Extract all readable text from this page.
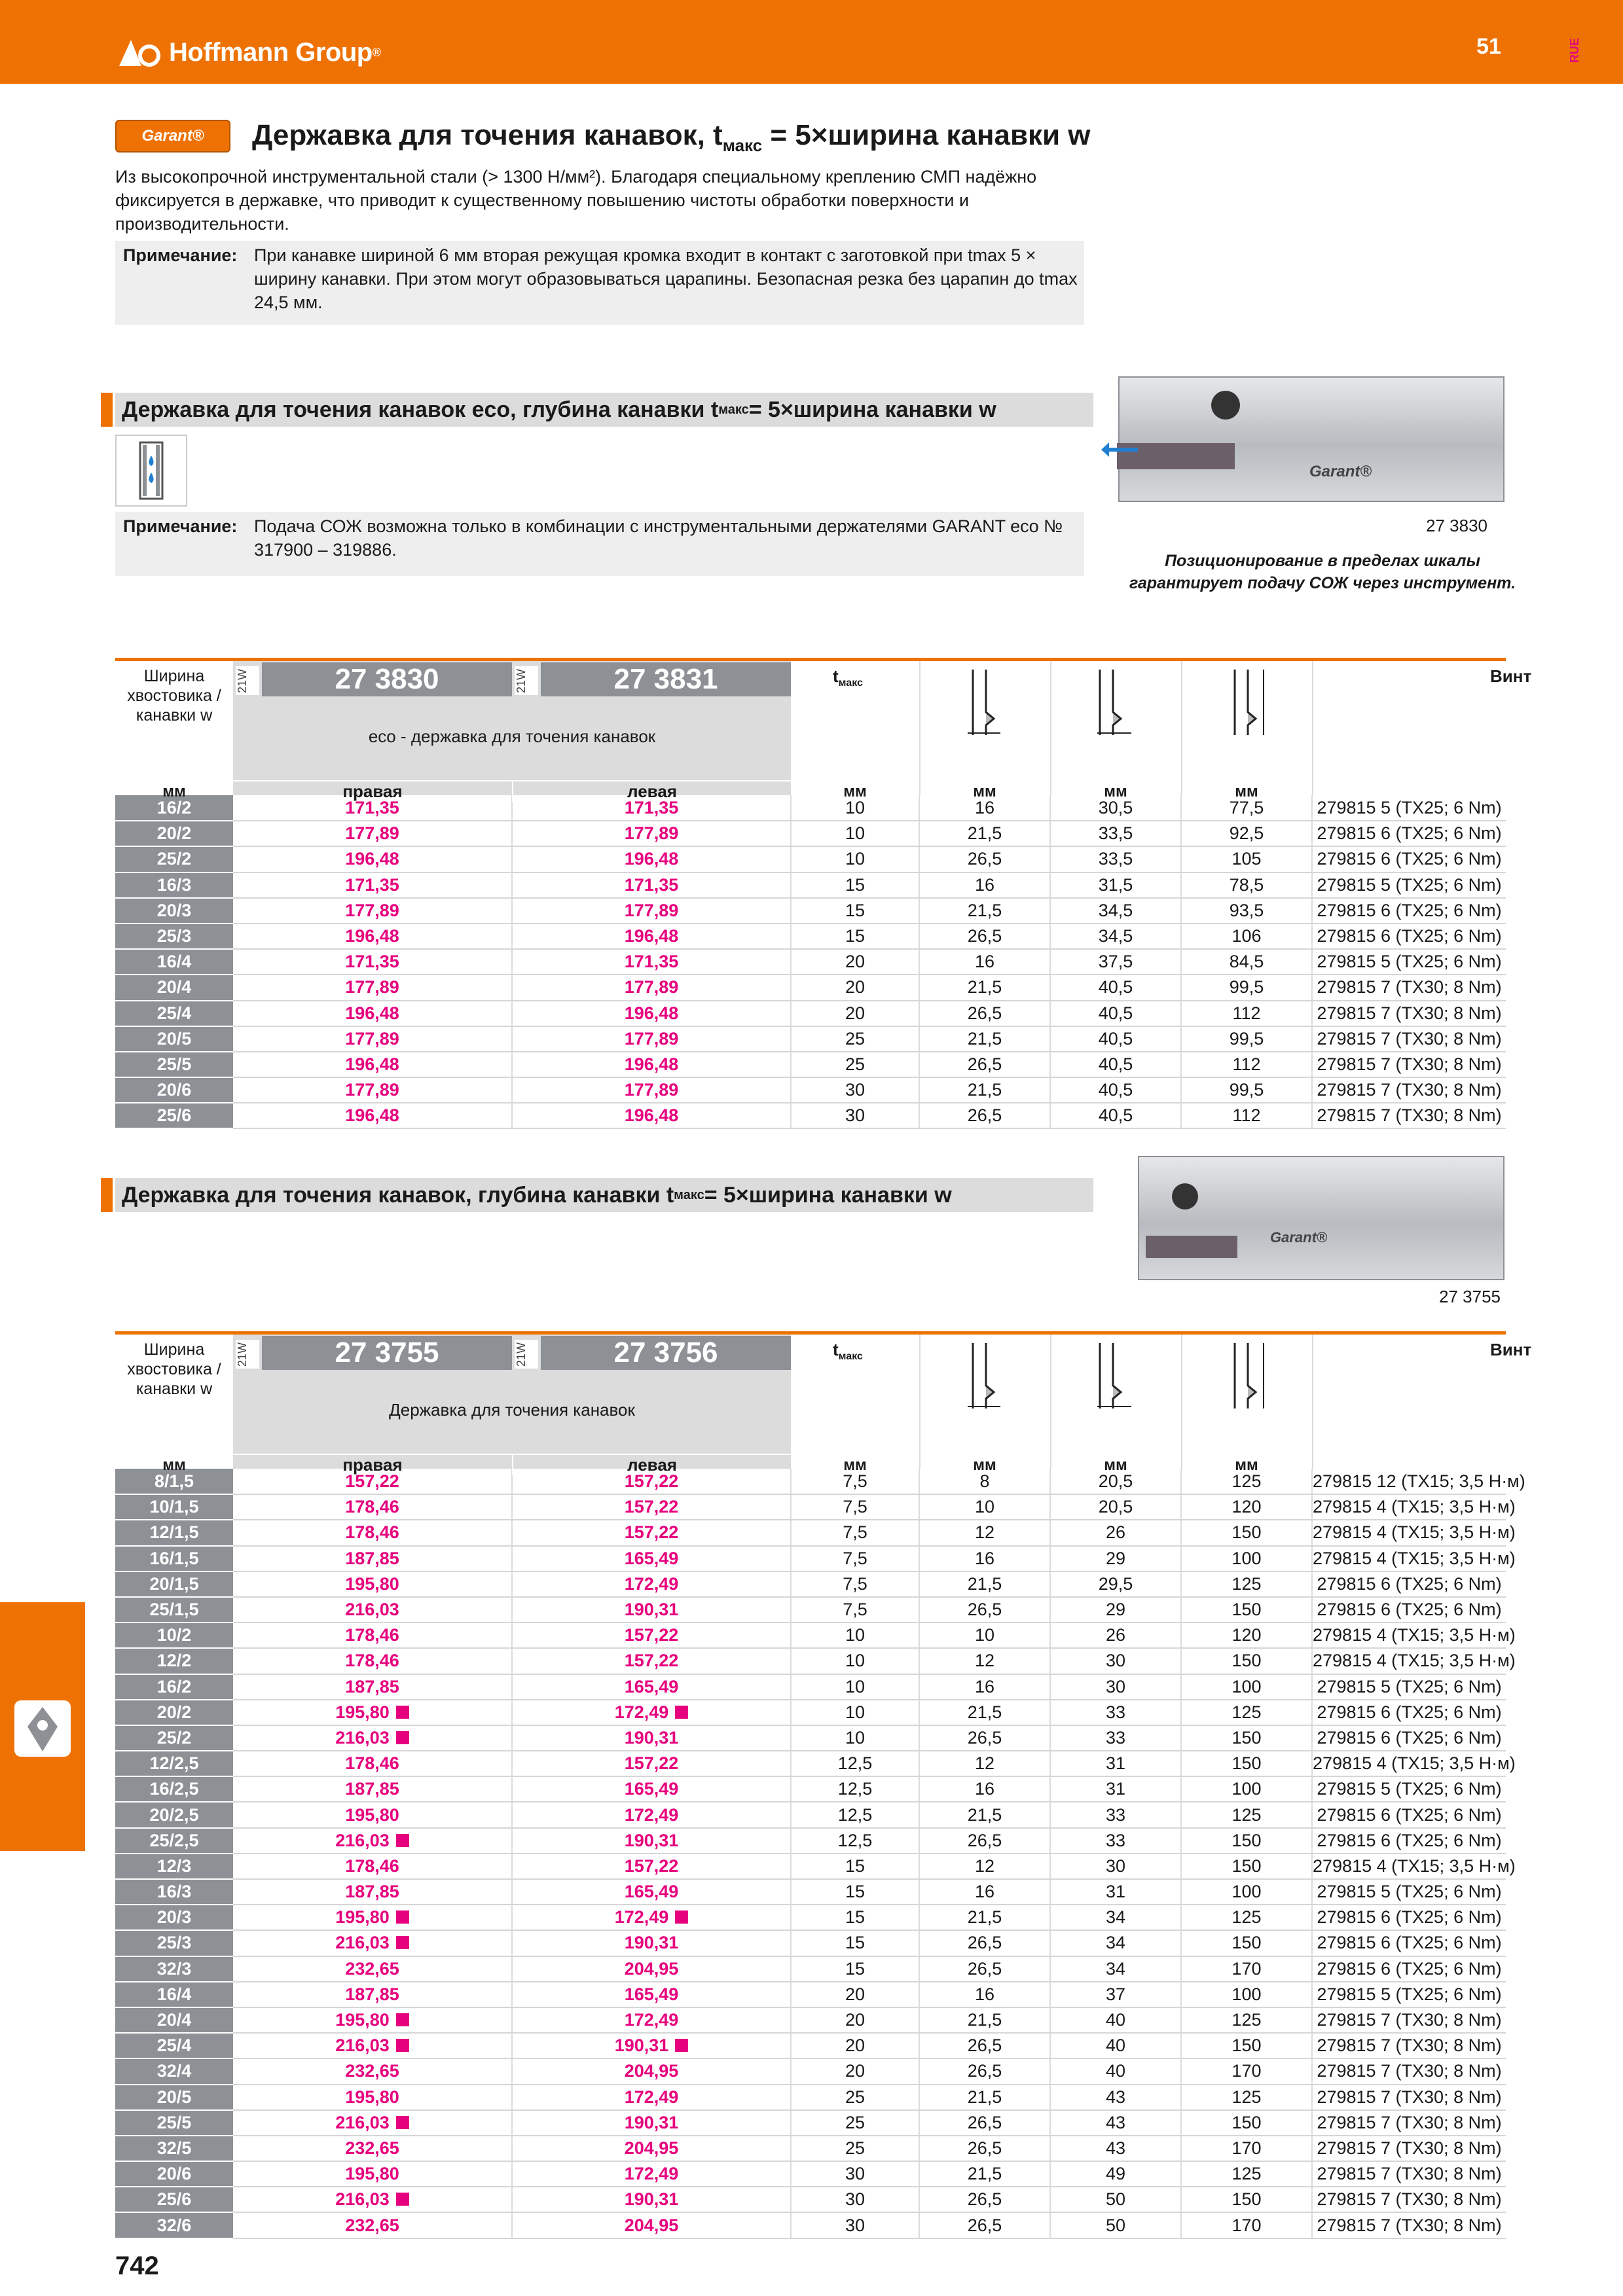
Hoffmann Group ®	51	RUE
Garant®	Державка для точения канавок, $t_{макс}$ = 5×ширина канавки w
Из высокопрочной инструментальной стали (> 1300 Н/мм²). Благодаря специальному креплению СМП надёжно фиксируется в державке, что приводит к существенному повышению чистоты обработки поверхности и производительности.
Примечание: При канавке шириной 6 мм вторая режущая кромка входит в контакт с заготовкой при tmax 5 × ширину канавки. При этом могут образовываться царапины. Безопасная резка без царапин до tmax 24,5 мм.
Державка для точения канавок eco, глубина канавки t макс = 5×ширина канавки w
Примечание: Подача СОЖ возможна только в комбинации с инструментальными держателями GARANT eco № 317900 – 319886.
Garant®
27 3830
Позиционирование в пределах шкалы гарантирует подачу СОЖ через инструмент.
Ширина хвостовика / канавки w
21W	27 3830	21W	27 3831
eco - державка для точения канавок
правая	левая
$t_{макс}$	Винт
мм	мм	мм	мм	мм
16/2	171,35	171,35	10	16	30,5	77,5	279815 5 (TX25; 6 Nm)
20/2	177,89	177,89	10	21,5	33,5	92,5	279815 6 (TX25; 6 Nm)
25/2	196,48	196,48	10	26,5	33,5	105	279815 6 (TX25; 6 Nm)
16/3	171,35	171,35	15	16	31,5	78,5	279815 5 (TX25; 6 Nm)
20/3	177,89	177,89	15	21,5	34,5	93,5	279815 6 (TX25; 6 Nm)
25/3	196,48	196,48	15	26,5	34,5	106	279815 6 (TX25; 6 Nm)
16/4	171,35	171,35	20	16	37,5	84,5	279815 5 (TX25; 6 Nm)
20/4	177,89	177,89	20	21,5	40,5	99,5	279815 7 (TX30; 8 Nm)
25/4	196,48	196,48	20	26,5	40,5	112	279815 7 (TX30; 8 Nm)
20/5	177,89	177,89	25	21,5	40,5	99,5	279815 7 (TX30; 8 Nm)
25/5	196,48	196,48	25	26,5	40,5	112	279815 7 (TX30; 8 Nm)
20/6	177,89	177,89	30	21,5	40,5	99,5	279815 7 (TX30; 8 Nm)
25/6	196,48	196,48	30	26,5	40,5	112	279815 7 (TX30; 8 Nm)
Державка для точения канавок, глубина канавки t макс = 5×ширина канавки w
Garant®
27 3755
Ширина хвостовика / канавки w
21W	27 3755	21W	27 3756
Державка для точения канавок
правая	левая
$t_{макс}$	Винт
мм	мм	мм	мм	мм
8/1,5	157,22	157,22	7,5	8	20,5	125	279815 12 (TX15; 3,5 Н·м)
10/1,5	178,46	157,22	7,5	10	20,5	120	279815 4 (TX15; 3,5 Н·м)
12/1,5	178,46	157,22	7,5	12	26	150	279815 4 (TX15; 3,5 Н·м)
16/1,5	187,85	165,49	7,5	16	29	100	279815 4 (TX15; 3,5 Н·м)
20/1,5	195,80	172,49	7,5	21,5	29,5	125	279815 6 (TX25; 6 Nm)
25/1,5	216,03	190,31	7,5	26,5	29	150	279815 6 (TX25; 6 Nm)
10/2	178,46	157,22	10	10	26	120	279815 4 (TX15; 3,5 Н·м)
12/2	178,46	157,22	10	12	30	150	279815 4 (TX15; 3,5 Н·м)
16/2	187,85	165,49	10	16	30	100	279815 5 (TX25; 6 Nm)
20/2	195,80	172,49	10	21,5	33	125	279815 6 (TX25; 6 Nm)
25/2	216,03	190,31	10	26,5	33	150	279815 6 (TX25; 6 Nm)
12/2,5	178,46	157,22	12,5	12	31	150	279815 4 (TX15; 3,5 Н·м)
16/2,5	187,85	165,49	12,5	16	31	100	279815 5 (TX25; 6 Nm)
20/2,5	195,80	172,49	12,5	21,5	33	125	279815 6 (TX25; 6 Nm)
25/2,5	216,03	190,31	12,5	26,5	33	150	279815 6 (TX25; 6 Nm)
12/3	178,46	157,22	15	12	30	150	279815 4 (TX15; 3,5 Н·м)
16/3	187,85	165,49	15	16	31	100	279815 5 (TX25; 6 Nm)
20/3	195,80	172,49	15	21,5	34	125	279815 6 (TX25; 6 Nm)
25/3	216,03	190,31	15	26,5	34	150	279815 6 (TX25; 6 Nm)
32/3	232,65	204,95	15	26,5	34	170	279815 6 (TX25; 6 Nm)
16/4	187,85	165,49	20	16	37	100	279815 5 (TX25; 6 Nm)
20/4	195,80	172,49	20	21,5	40	125	279815 7 (TX30; 8 Nm)
25/4	216,03	190,31	20	26,5	40	150	279815 7 (TX30; 8 Nm)
32/4	232,65	204,95	20	26,5	40	170	279815 7 (TX30; 8 Nm)
20/5	195,80	172,49	25	21,5	43	125	279815 7 (TX30; 8 Nm)
25/5	216,03	190,31	25	26,5	43	150	279815 7 (TX30; 8 Nm)
32/5	232,65	204,95	25	26,5	43	170	279815 7 (TX30; 8 Nm)
20/6	195,80	172,49	30	21,5	49	125	279815 7 (TX30; 8 Nm)
25/6	216,03	190,31	30	26,5	50	150	279815 7 (TX30; 8 Nm)
32/6	232,65	204,95	30	26,5	50	170	279815 7 (TX30; 8 Nm)
742
